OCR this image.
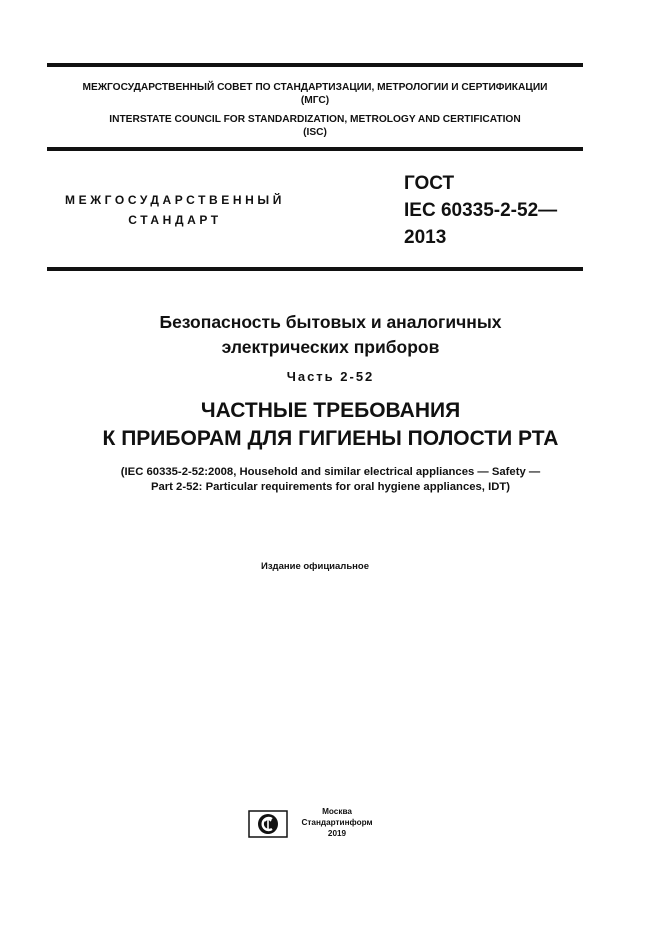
МЕЖГОСУДАРСТВЕННЫЙ СОВЕТ ПО СТАНДАРТИЗАЦИИ, МЕТРОЛОГИИ И СЕРТИФИКАЦИИ

(МГС)

INTERSTATE COUNCIL FOR STANDARDIZATION, METROLOGY AND CERTIFICATION

(ISC)

МЕЖГОСУДАРСТВЕННЫЙ

СТАНДАРТ

ГОСТ

IEC 60335-2-52—

2013

Безопасность бытовых и аналогичных

электрических приборов

Часть 2-52

ЧАСТНЫЕ ТРЕБОВАНИЯ

К ПРИБОРАМ ДЛЯ ГИГИЕНЫ ПОЛОСТИ РТА

(IEC 60335-2-52:2008, Household and similar electrical appliances — Safety —

Part 2-52: Particular requirements for oral hygiene appliances, IDT)

Издание официальное

Москва

Стандартинформ

2019
